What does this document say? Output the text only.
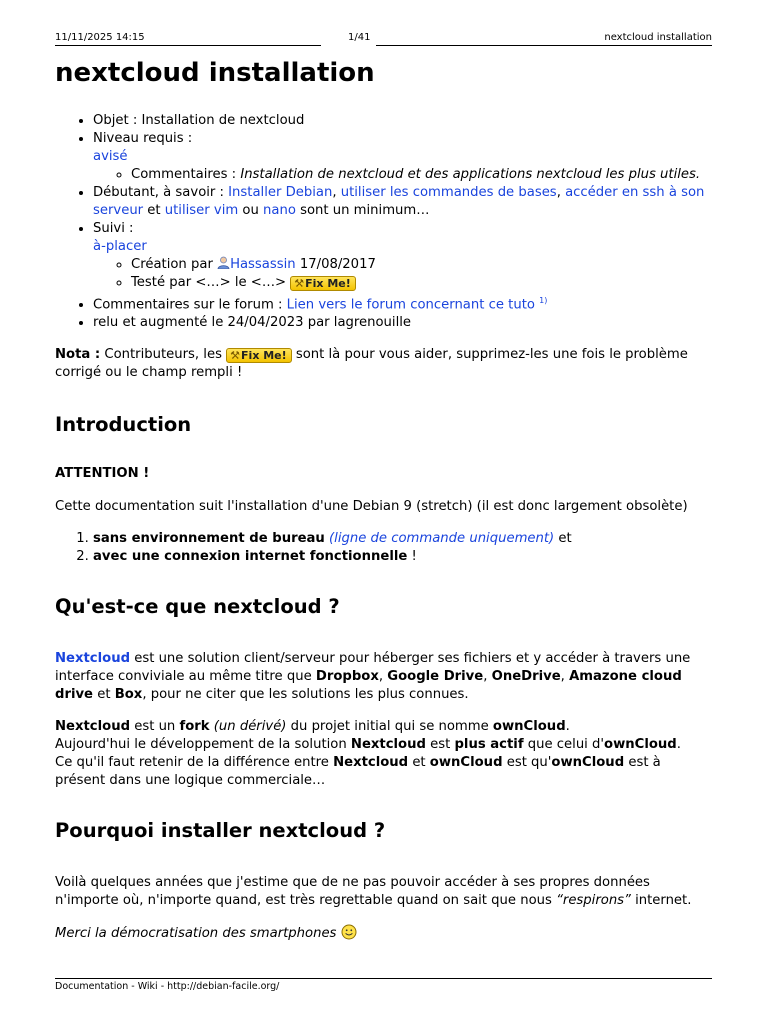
11/11/2025 14:15	1/41	nextcloud installation
nextcloud installation
• Objet : Installation de nextcloud
• Niveau requis :
avisé
◦ Commentaires : Installation de nextcloud et des applications nextcloud les plus utiles.
• Débutant, à savoir : Installer Debian, utiliser les commandes de bases, accéder en ssh à son serveur et utiliser vim ou nano sont un minimum…
• Suivi :
à-placer
◦ Création par Hassassin 17/08/2017
◦ Testé par <…> le <…> ⚒Fix Me!
• Commentaires sur le forum : Lien vers le forum concernant ce tuto $^{1)}$
• relu et augmenté le 24/04/2023 par lagrenouille

Nota : Contributeurs, les ⚒Fix Me! sont là pour vous aider, supprimez-les une fois le problème corrigé ou le champ rempli !

Introduction

ATTENTION !

Cette documentation suit l'installation d'une Debian 9 (stretch) (il est donc largement obsolète)

1. sans environnement de bureau (ligne de commande uniquement) et
2. avec une connexion internet fonctionnelle !
Qu'est-ce que nextcloud ?

Nextcloud est une solution client/serveur pour héberger ses fichiers et y accéder à travers une interface conviviale au même titre que Dropbox, Google Drive, OneDrive, Amazone cloud drive et Box, pour ne citer que les solutions les plus connues.

Nextcloud est un fork (un dérivé) du projet initial qui se nomme ownCloud.
Aujourd'hui le développement de la solution Nextcloud est plus actif que celui d'ownCloud.
Ce qu'il faut retenir de la différence entre Nextcloud et ownCloud est qu'ownCloud est à présent dans une logique commerciale…

Pourquoi installer nextcloud ?

Voilà quelques années que j'estime que de ne pas pouvoir accéder à ses propres données n'importe où, n'importe quand, est très regrettable quand on sait que nous “respirons” internet.

Merci la démocratisation des smartphones

Documentation - Wiki - http://debian-facile.org/
